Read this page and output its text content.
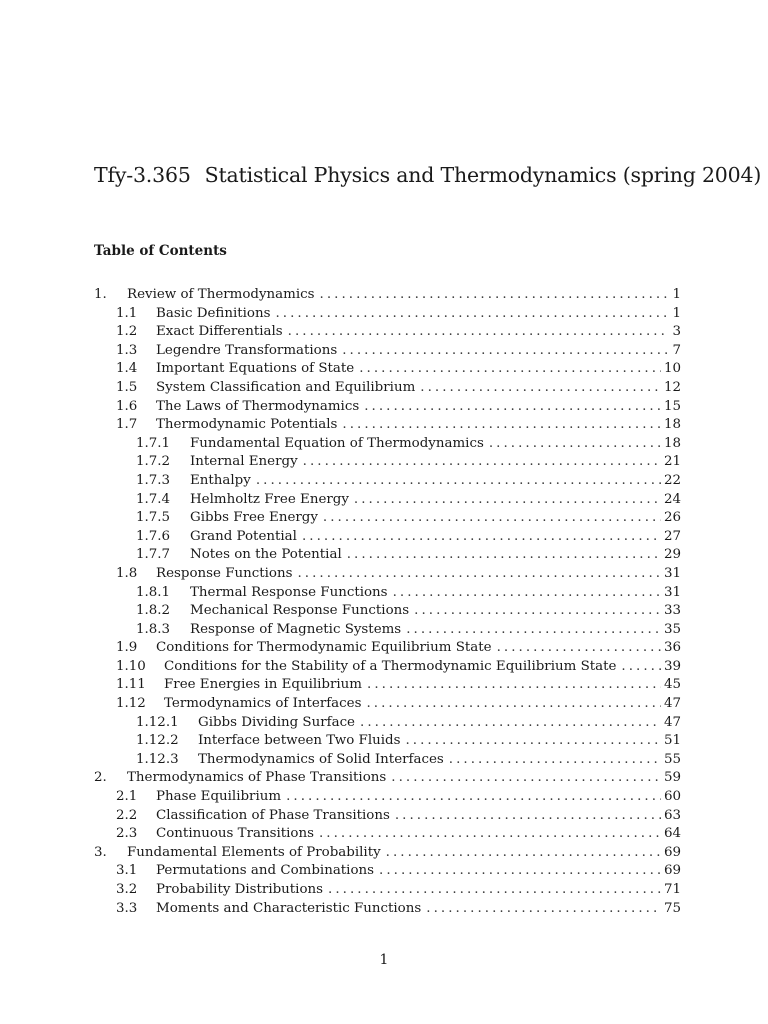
Tfy-3.365 Statistical Physics and Thermodynamics (spring 2004)
Table of Contents
1.	Review of Thermodynamics . . .	1
1.1	Basic Definitions . . .	1
1.2	Exact Differentials . . .	3
1.3	Legendre Transformations . . .	7
1.4	Important Equations of State . . .	10
1.5	System Classification and Equilibrium . . .	12
1.6	The Laws of Thermodynamics . . .	15
1.7	Thermodynamic Potentials . . .	18
1.7.1	Fundamental Equation of Thermodynamics . . .	18
1.7.2	Internal Energy . . .	21
1.7.3	Enthalpy . . .	22
1.7.4	Helmholtz Free Energy . . .	24
1.7.5	Gibbs Free Energy . . .	26
1.7.6	Grand Potential . . .	27
1.7.7	Notes on the Potential . . .	29
1.8	Response Functions . . .	31
1.8.1	Thermal Response Functions . . .	31
1.8.2	Mechanical Response Functions . . .	33
1.8.3	Response of Magnetic Systems . . .	35
1.9	Conditions for Thermodynamic Equilibrium State . . .	36
1.10	Conditions for the Stability of a Thermodynamic Equilibrium State . . .	39
1.11	Free Energies in Equilibrium . . .	45
1.12	Termodynamics of Interfaces . . .	47
1.12.1	Gibbs Dividing Surface . . .	47
1.12.2	Interface between Two Fluids . . .	51
1.12.3	Thermodynamics of Solid Interfaces . . .	55
2.	Thermodynamics of Phase Transitions . . .	59
2.1	Phase Equilibrium . . .	60
2.2	Classification of Phase Transitions . . .	63
2.3	Continuous Transitions . . .	64
3.	Fundamental Elements of Probability . . .	69
3.1	Permutations and Combinations . . .	69
3.2	Probability Distributions . . .	71
3.3	Moments and Characteristic Functions . . .	75
1
